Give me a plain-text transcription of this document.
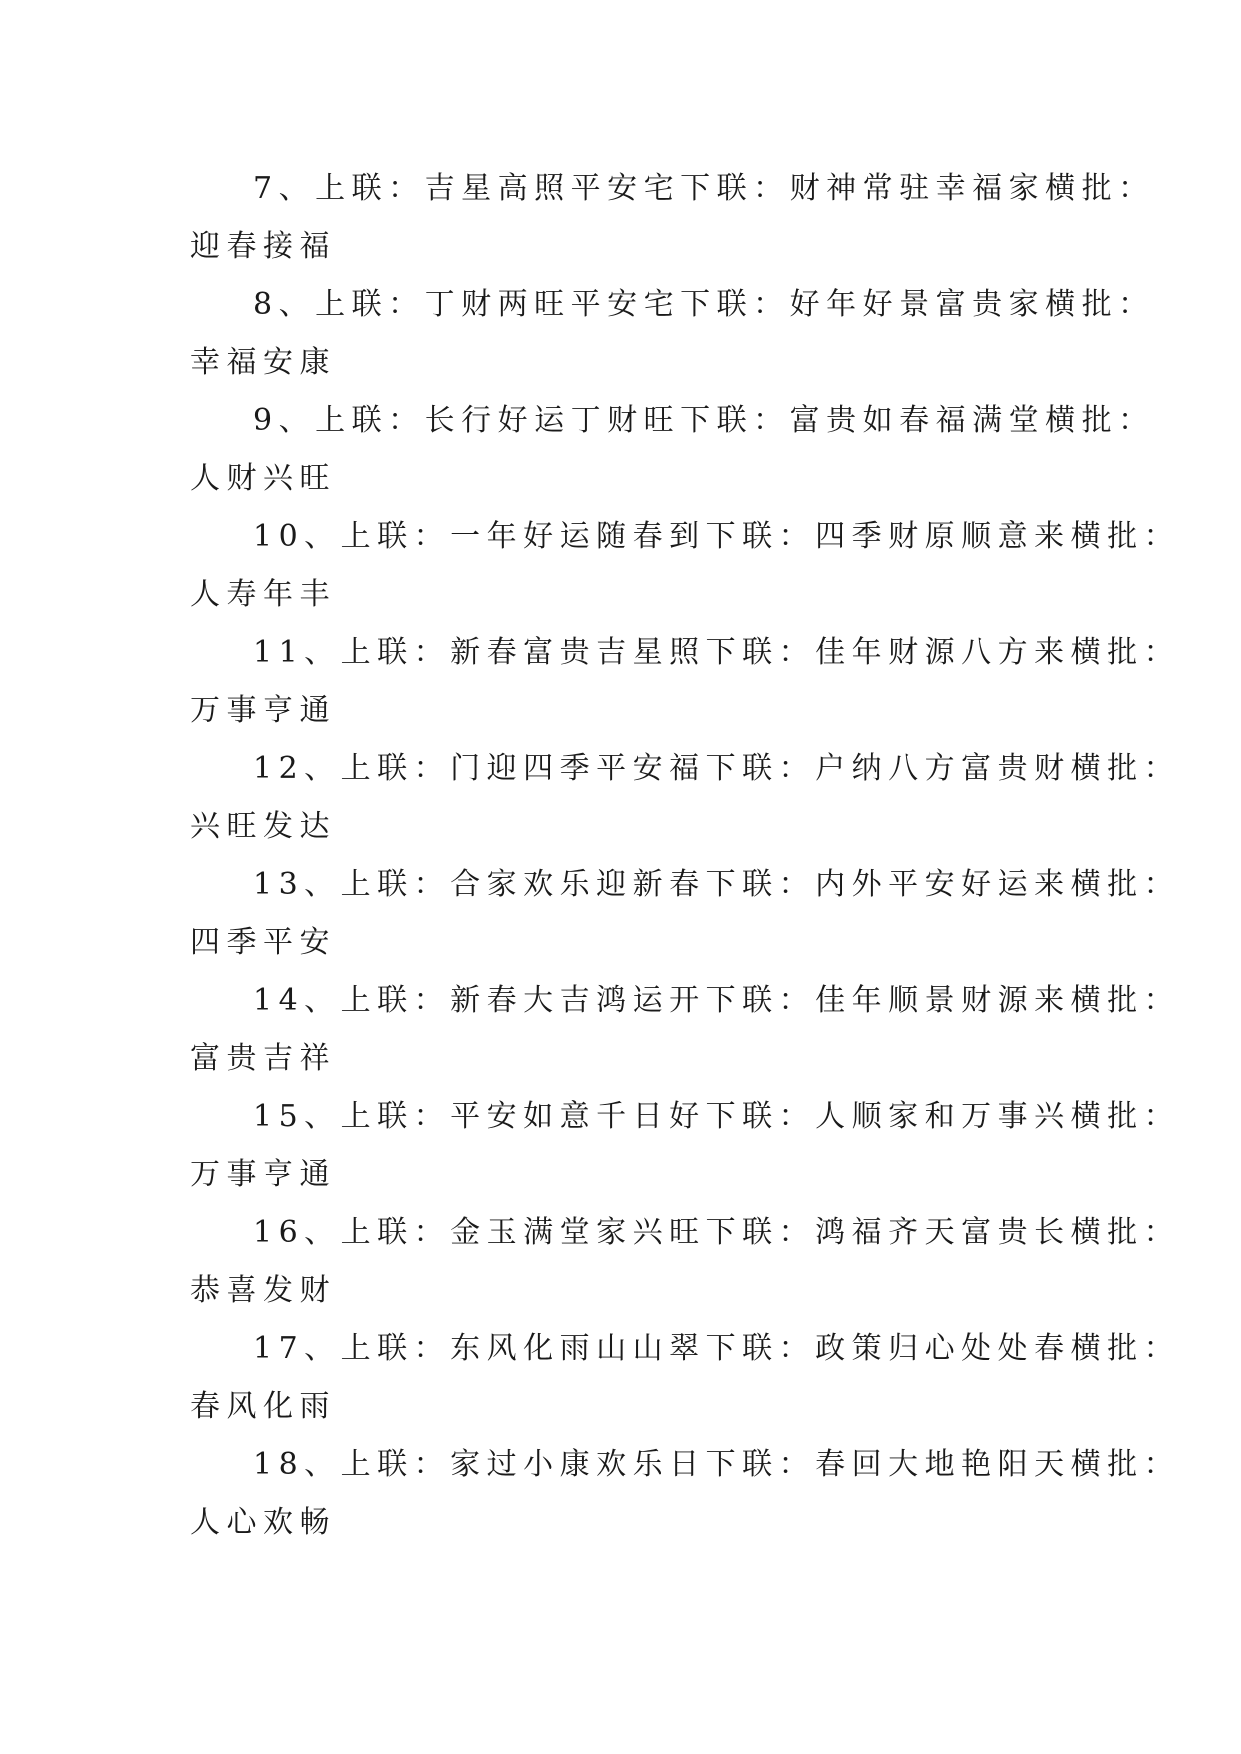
7、上联：吉星高照平安宅下联：财神常驻幸福家横批：
迎春接福
8、上联：丁财两旺平安宅下联：好年好景富贵家横批：
幸福安康
9、上联：长行好运丁财旺下联：富贵如春福满堂横批：
人财兴旺
10、上联：一年好运随春到下联：四季财原顺意来横批：
人寿年丰
11、上联：新春富贵吉星照下联：佳年财源八方来横批：
万事亨通
12、上联：门迎四季平安福下联：户纳八方富贵财横批：
兴旺发达
13、上联：合家欢乐迎新春下联：内外平安好运来横批：
四季平安
14、上联：新春大吉鸿运开下联：佳年顺景财源来横批：
富贵吉祥
15、上联：平安如意千日好下联：人顺家和万事兴横批：
万事亨通
16、上联：金玉满堂家兴旺下联：鸿福齐天富贵长横批：
恭喜发财
17、上联：东风化雨山山翠下联：政策归心处处春横批：
春风化雨
18、上联：家过小康欢乐日下联：春回大地艳阳天横批：
人心欢畅
